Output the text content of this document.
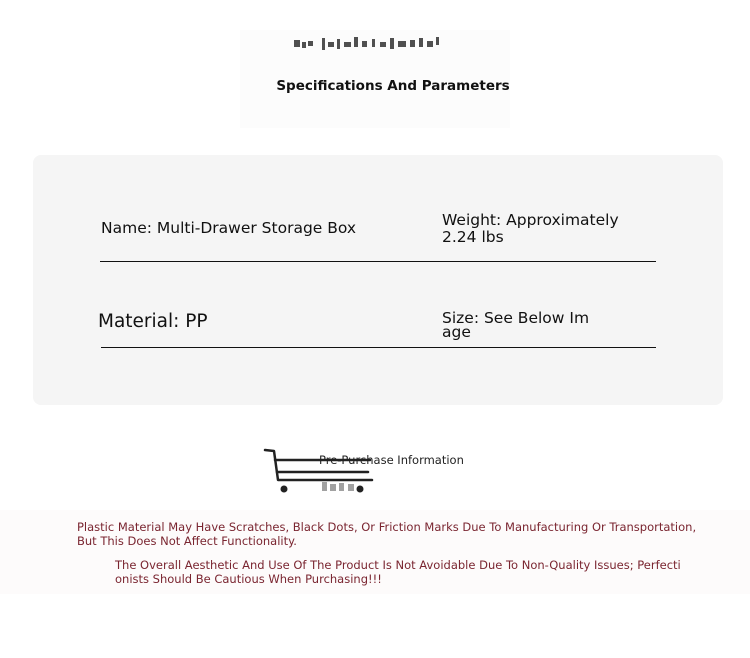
Specifications And Parameters
Name: Multi-Drawer Storage Box	Weight: Approximately 2.24 lbs
Material: PP	Size: See Below Image
Pre-Purchase Information
Plastic Material May Have Scratches, Black Dots, Or Friction Marks Due To Manufacturing Or Transportation, But This Does Not Affect Functionality.
The Overall Aesthetic And Use Of The Product Is Not Avoidable Due To Non-Quality Issues; Perfectionists Should Be Cautious When Purchasing!!!
